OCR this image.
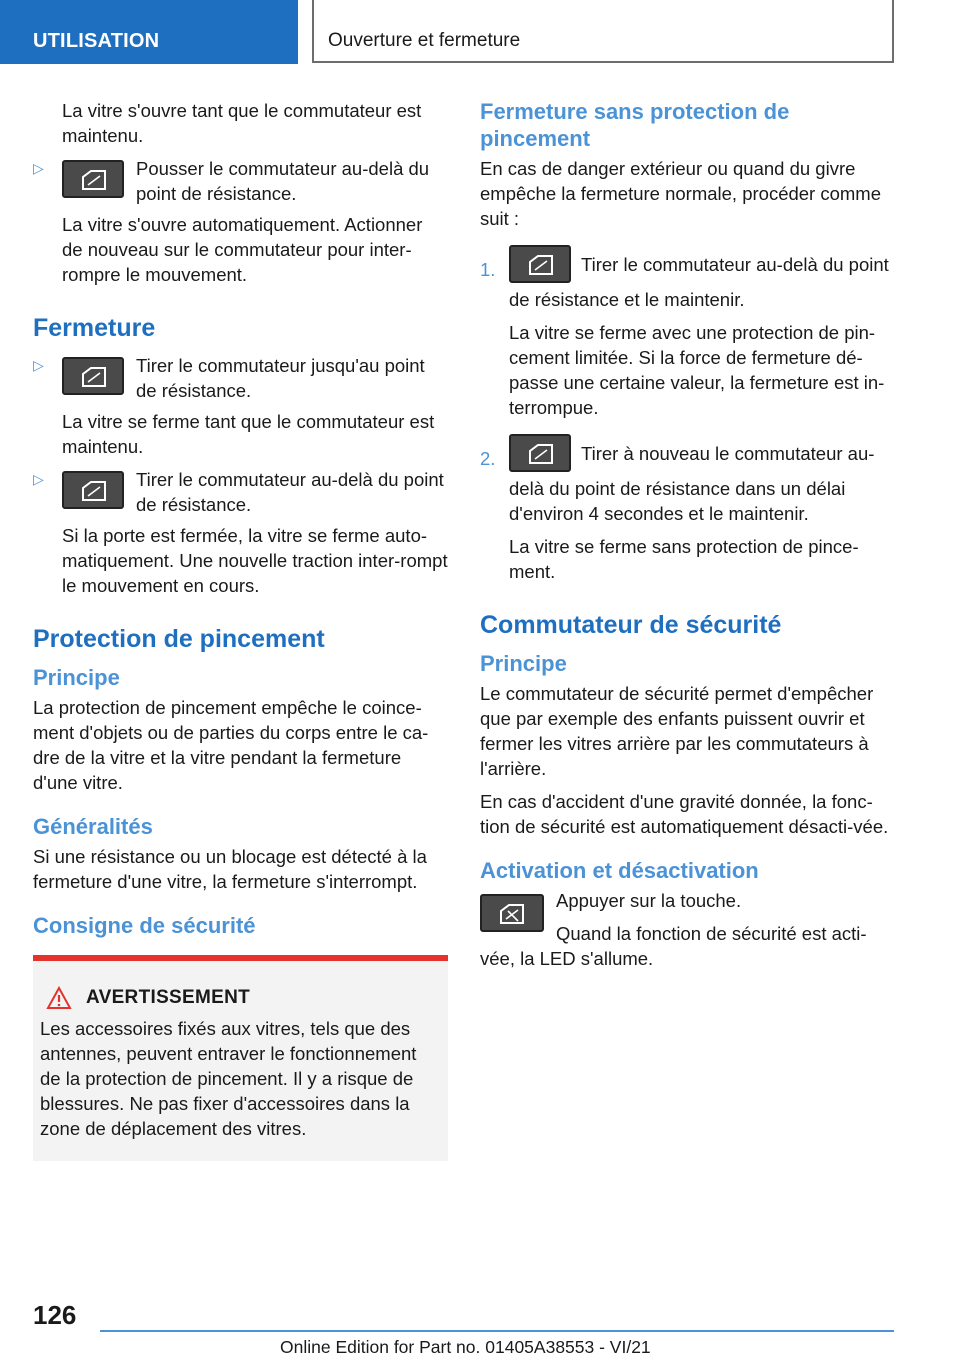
UTILISATION	Ouverture et fermeture

La vitre s'ouvre tant que le commutateur est maintenu.

▷	Pousser le commutateur au-delà du point de résistance.

La vitre s'ouvre automatiquement. Actionner de nouveau sur le commutateur pour inter-rompre le mouvement.

Fermeture
▷	Tirer le commutateur jusqu'au point de résistance.

La vitre se ferme tant que le commutateur est maintenu.

▷	Tirer le commutateur au-delà du point de résistance.

Si la porte est fermée, la vitre se ferme auto-matiquement. Une nouvelle traction inter-rompt le mouvement en cours.

Protection de pincement
Principe

La protection de pincement empêche le coince-ment d'objets ou de parties du corps entre le ca-dre de la vitre et la vitre pendant la fermeture d'une vitre.

Généralités

Si une résistance ou un blocage est détecté à la fermeture d'une vitre, la fermeture s'interrompt.

Consigne de sécurité
AVERTISSEMENT
Les accessoires fixés aux vitres, tels que des antennes, peuvent entraver le fonctionnement de la protection de pincement. Il y a risque de blessures. Ne pas fixer d'accessoires dans la zone de déplacement des vitres.
Fermeture sans protection de pincement

En cas de danger extérieur ou quand du givre empêche la fermeture normale, procéder comme suit :

1.	Tirer le commutateur au-delà du point de résistance et le maintenir.

La vitre se ferme avec une protection de pin-cement limitée. Si la force de fermeture dé-passe une certaine valeur, la fermeture est in-terrompue.

2.	Tirer à nouveau le commutateur au-delà du point de résistance dans un délai d'environ 4 secondes et le maintenir.

La vitre se ferme sans protection de pince-ment.

Commutateur de sécurité
Principe

Le commutateur de sécurité permet d'empêcher que par exemple des enfants puissent ouvrir et fermer les vitres arrière par les commutateurs à l'arrière.

En cas d'accident d'une gravité donnée, la fonc-tion de sécurité est automatiquement désacti-vée.

Activation et désactivation

Appuyer sur la touche.

Quand la fonction de sécurité est acti-vée, la LED s'allume.

126
Online Edition for Part no. 01405A38553 - VI/21
